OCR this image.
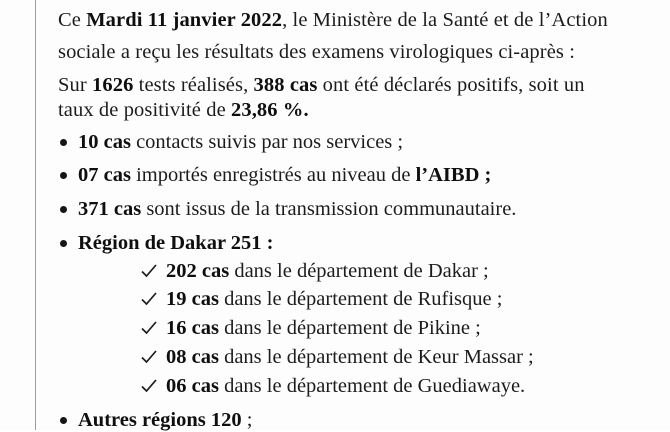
Ce Mardi 11 janvier 2022, le Ministère de la Santé et de l’Action
sociale a reçu les résultats des examens virologiques ci-après :
Sur 1626 tests réalisés, 388 cas ont été déclarés positifs, soit un
taux de positivité de 23,86 %.
10 cas contacts suivis par nos services ;
07 cas importés enregistrés au niveau de l’AIBD ;
371 cas sont issus de la transmission communautaire.
Région de Dakar 251 :
202 cas dans le département de Dakar ;
19 cas dans le département de Rufisque ;
16 cas dans le département de Pikine ;
08 cas dans le département de Keur Massar ;
06 cas dans le département de Guediawaye.
Autres régions 120 ;
